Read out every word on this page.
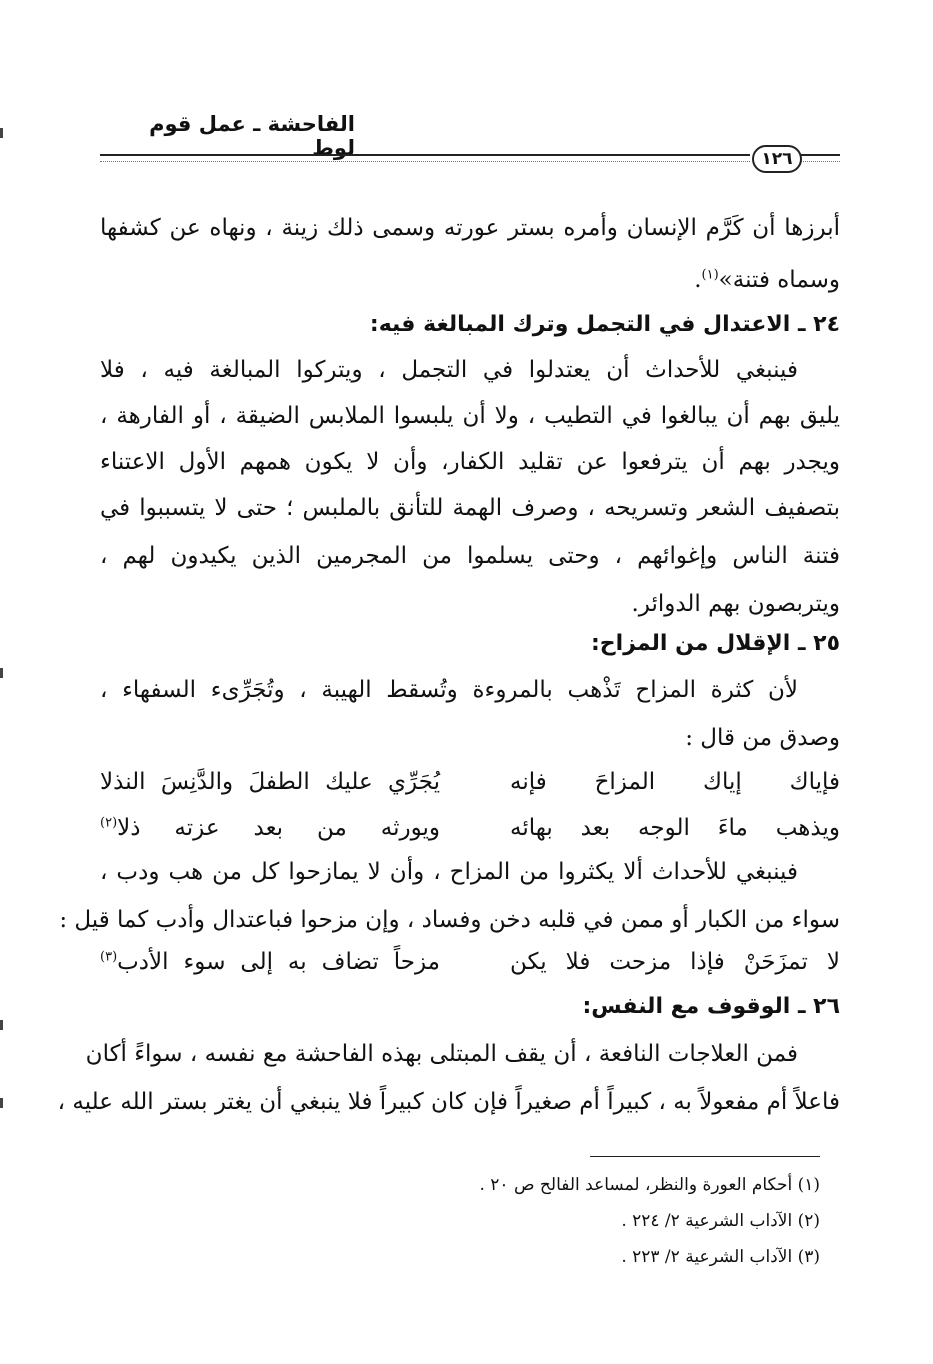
الفاحشة ـ عمل قوم لوط	١٢٦
أبرزها أن كَرَّم الإنسان وأمره بستر عورته وسمى ذلك زينة ، ونهاه عن كشفها
وسماه فتنة»$^{(١)}$.
٢٤ ـ الاعتدال في التجمل وترك المبالغة فيه:
فينبغي للأحداث أن يعتدلوا في التجمل ، ويتركوا المبالغة فيه ، فلا
يليق بهم أن يبالغوا في التطيب ، ولا أن يلبسوا الملابس الضيقة ، أو الفارهة ،
ويجدر بهم أن يترفعوا عن تقليد الكفار، وأن لا يكون همهم الأول الاعتناء
بتصفيف الشعر وتسريحه ، وصرف الهمة للتأنق بالملبس ؛ حتى لا يتسببوا في
فتنة الناس وإغوائهم ، وحتى يسلموا من المجرمين الذين يكيدون لهم ،
ويتربصون بهم الدوائر.
٢٥ ـ الإقلال من المزاح:
لأن كثرة المزاح تَذْهب بالمروءة وتُسقط الهيبة ، وتُجَرِّىء السفهاء ،
وصدق من قال :
فإياك إياك المزاحَ فإنه
يُجَرِّي عليك الطفلَ والدَّنِسَ النذلا
ويذهب ماءَ الوجه بعد بهائه
ويورثه من بعد عزته ذلا$^{(٢)}$
فينبغي للأحداث ألا يكثروا من المزاح ، وأن لا يمازحوا كل من هب ودب ،
سواء من الكبار أو ممن في قلبه دخن وفساد ، وإن مزحوا فباعتدال وأدب كما قيل :
لا تمزَحَنْ فإذا مزحت فلا يكن
مزحاً تضاف به إلى سوء الأدب$^{(٣)}$
٢٦ ـ الوقوف مع النفس:
فمن العلاجات النافعة ، أن يقف المبتلى بهذه الفاحشة مع نفسه ، سواءً أكان
فاعلاً أم مفعولاً به ، كبيراً أم صغيراً فإن كان كبيراً فلا ينبغي أن يغتر بستر الله عليه ،
(١) أحكام العورة والنظر، لمساعد الفالح ص ٢٠ .
(٢) الآداب الشرعية ٢/ ٢٢٤ .
(٣) الآداب الشرعية ٢/ ٢٢٣ .
